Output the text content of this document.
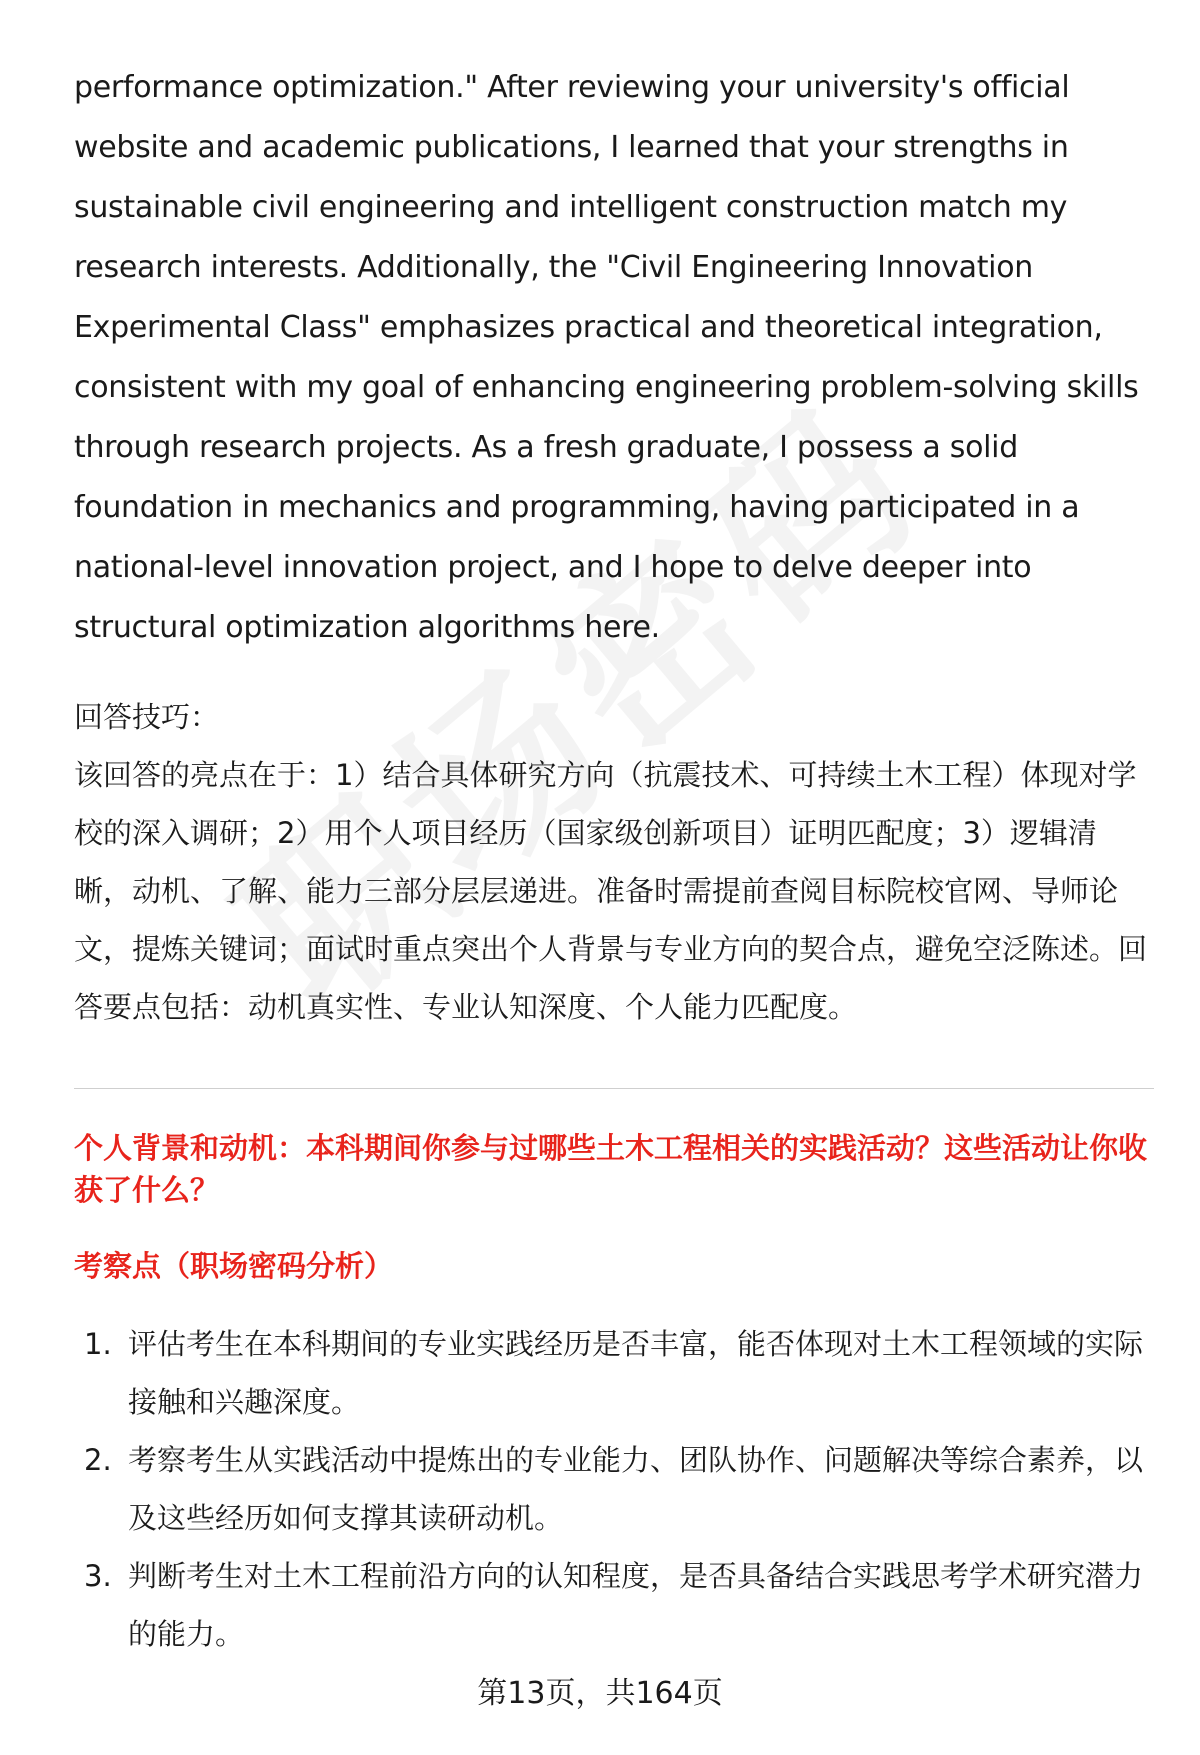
performance optimization." After reviewing your university's official website and academic publications, I learned that your strengths in sustainable civil engineering and intelligent construction match my research interests. Additionally, the "Civil Engineering Innovation Experimental Class" emphasizes practical and theoretical integration, consistent with my goal of enhancing engineering problem-solving skills through research projects. As a fresh graduate, I possess a solid foundation in mechanics and programming, having participated in a national-level innovation project, and I hope to delve deeper into structural optimization algorithms here.

回答技巧：

该回答的亮点在于：1）结合具体研究方向（抗震技术、可持续土木工程）体现对学校的深入调研；2）用个人项目经历（国家级创新项目）证明匹配度；3）逻辑清晰，动机、了解、能力三部分层层递进。准备时需提前查阅目标院校官网、导师论文，提炼关键词；面试时重点突出个人背景与专业方向的契合点，避免空泛陈述。回答要点包括：动机真实性、专业认知深度、个人能力匹配度。

个人背景和动机：本科期间你参与过哪些土木工程相关的实践活动？这些活动让你收获了什么？
考察点（职场密码分析）
1. 评估考生在本科期间的专业实践经历是否丰富，能否体现对土木工程领域的实际接触和兴趣深度。
2. 考察考生从实践活动中提炼出的专业能力、团队协作、问题解决等综合素养，以及这些经历如何支撑其读研动机。
3. 判断考生对土木工程前沿方向的认知程度，是否具备结合实践思考学术研究潜力的能力。
第13页，共164页
